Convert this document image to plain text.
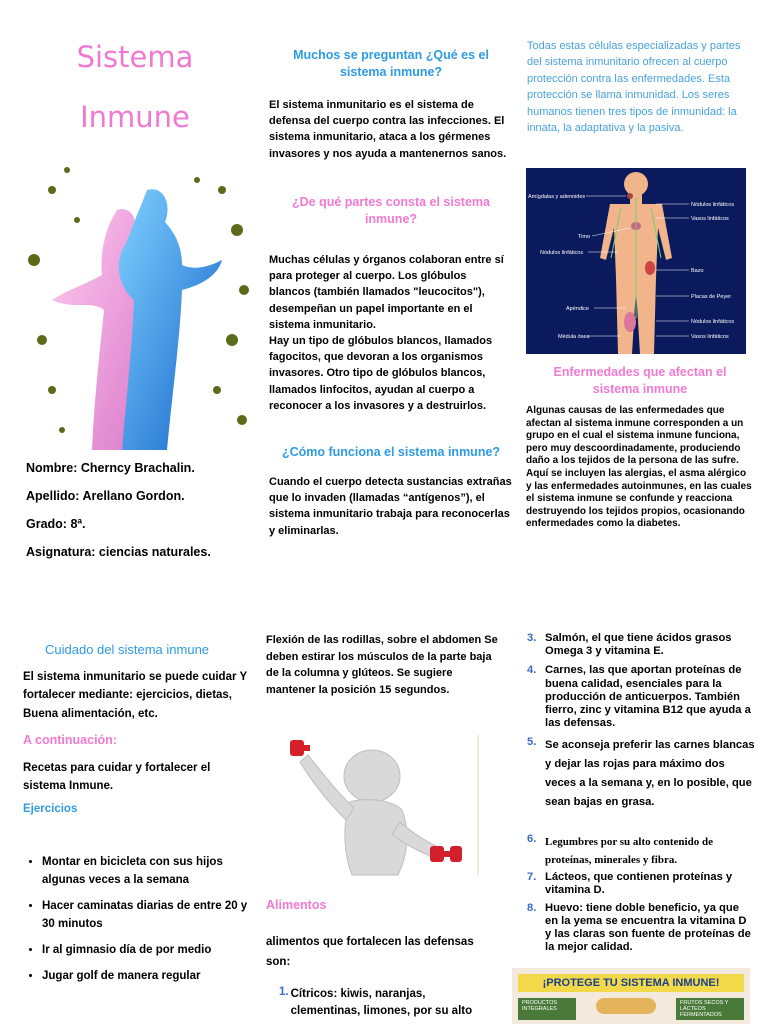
Sistema
Inmune
Nombre: Cherncy Brachalin.
Apellido: Arellano Gordon.
Grado: 8ª.
Asignatura: ciencias naturales.
Muchos se preguntan ¿Qué es el sistema inmune?
El sistema inmunitario es el sistema de defensa del cuerpo contra las infecciones. El sistema inmunitario, ataca a los gérmenes invasores y nos ayuda a mantenernos sanos.
¿De qué partes consta el sistema inmune?
Muchas células y órganos colaboran entre sí para proteger al cuerpo. Los glóbulos blancos (también llamados "leucocitos"), desempeñan un papel importante en el sistema inmunitario.
Hay un tipo de glóbulos blancos, llamados fagocitos, que devoran a los organismos invasores. Otro tipo de glóbulos blancos, llamados linfocitos, ayudan al cuerpo a reconocer a los invasores y a destruirlos.
¿Cómo funciona el sistema inmune?
Cuando el cuerpo detecta sustancias extrañas que lo invaden (llamadas “antígenos”), el sistema inmunitario trabaja para reconocerlas y eliminarlas.
Todas estas células especializadas y partes del sistema inmunitario ofrecen al cuerpo protección contra las enfermedades. Esta protección se llama inmunidad. Los seres humanos tienen tres tipos de inmunidad: la innata, la adaptativa y la pasiva.
Amígdalas y adenoides
Nódulos linfáticos
Vasos linfáticos
Timo
Nódulos linfáticos
Bazo
Placas de Peyer
Apéndice
Nódulos linfáticos
Médula ósea	Vasos linfáticos
Enfermedades que afectan el sistema inmune
Algunas causas de las enfermedades que afectan al sistema inmune corresponden a un grupo en el cual el sistema inmune funciona, pero muy descoordinadamente, produciendo daño a los tejidos de la persona de las sufre. Aquí se incluyen las alergias, el asma alérgico y las enfermedades autoinmunes, en las cuales el sistema inmune se confunde y reacciona destruyendo los tejidos propios, ocasionando enfermedades como la diabetes.
Cuidado del sistema inmune
El sistema inmunitario se puede cuidar Y fortalecer mediante: ejercicios, dietas, Buena alimentación, etc.
A continuación:
Recetas para cuidar y fortalecer el sistema Inmune.
Ejercicios
• Montar en bicicleta con sus hijos algunas veces a la semana
• Hacer caminatas diarias de entre 20 y 30 minutos
• Ir al gimnasio día de por medio
• Jugar golf de manera regular
Flexión de las rodillas, sobre el abdomen Se deben estirar los músculos de la parte baja de la columna y glúteos. Se sugiere mantener la posición 15 segundos.
Alimentos
alimentos que fortalecen las defensas son:
1. Cítricos: kiwis, naranjas, clementinas, limones, por su alto
3. Salmón, el que tiene ácidos grasos Omega 3 y vitamina E.
4. Carnes, las que aportan proteínas de buena calidad, esenciales para la producción de anticuerpos. También fierro, zinc y vitamina B12 que ayuda a las defensas.
5. Se aconseja preferir las carnes blancas y dejar las rojas para máximo dos veces a la semana y, en lo posible, que sean bajas en grasa.
6. Legumbres por su alto contenido de proteínas, minerales y fibra.
7. Lácteos, que contienen proteínas y vitamina D.
8. Huevo: tiene doble beneficio, ya que en la yema se encuentra la vitamina D y las claras son fuente de proteínas de la mejor calidad.
¡PROTEGE TU SISTEMA INMUNE!
PRODUCTOS INTEGRALES
FRUTOS SECOS Y LÁCTEOS FERMENTADOS
